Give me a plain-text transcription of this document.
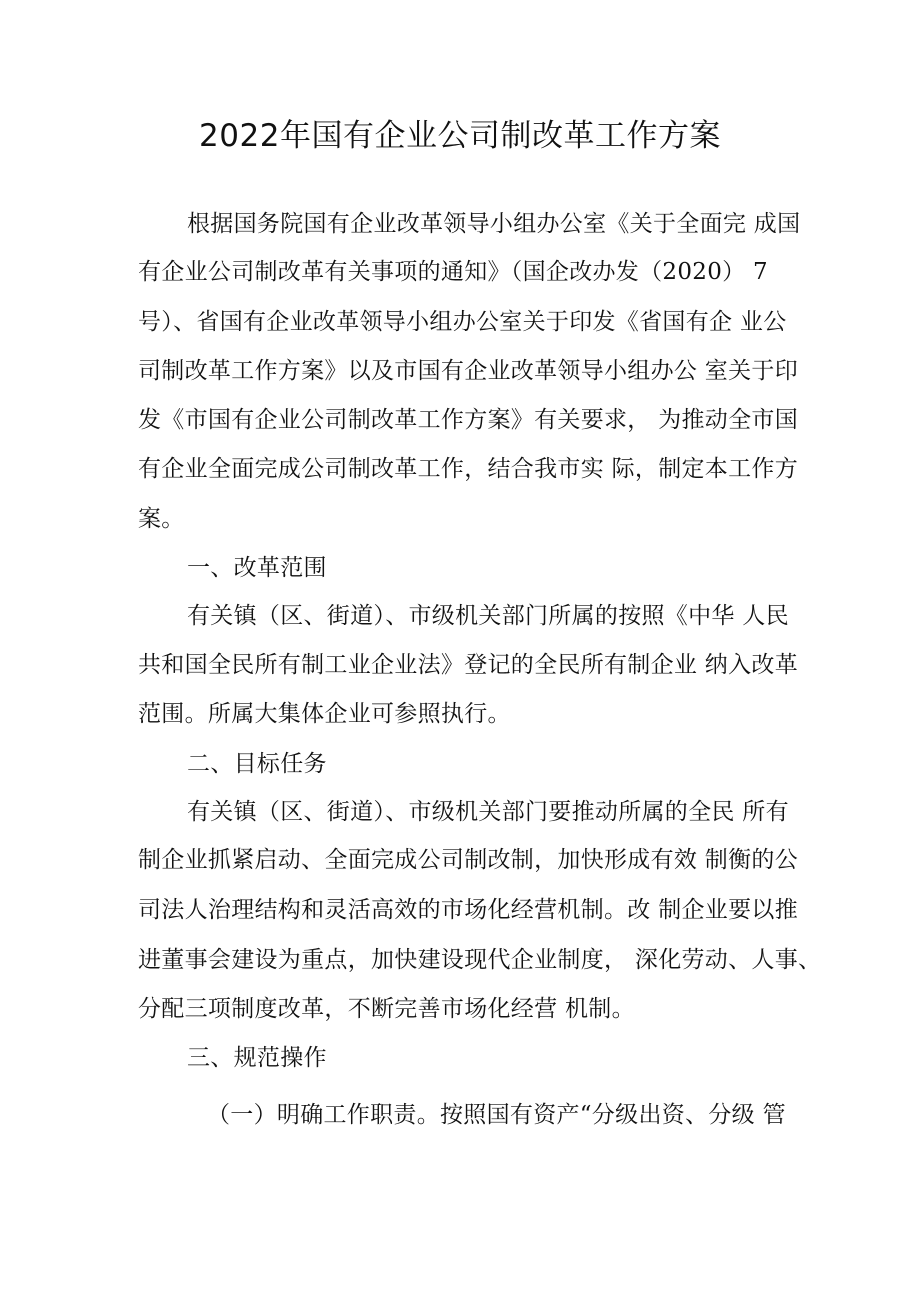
2022年国有企业公司制改革工作方案
根据国务院国有企业改革领导小组办公室《关于全面完 成国
有企业公司制改革有关事项的通知》（国企改办发（2020） 7
号）、省国有企业改革领导小组办公室关于印发《省国有企 业公
司制改革工作方案》以及市国有企业改革领导小组办公 室关于印
发《市国有企业公司制改革工作方案》有关要求， 为推动全市国
有企业全面完成公司制改革工作，结合我市实 际，制定本工作方
案。
一、改革范围
有关镇（区、街道）、市级机关部门所属的按照《中华 人民
共和国全民所有制工业企业法》登记的全民所有制企业 纳入改革
范围。所属大集体企业可参照执行。
二、目标任务
有关镇（区、街道）、市级机关部门要推动所属的全民 所有
制企业抓紧启动、全面完成公司制改制，加快形成有效 制衡的公
司法人治理结构和灵活高效的市场化经营机制。改 制企业要以推
进董事会建设为重点，加快建设现代企业制度， 深化劳动、人事、
分配三项制度改革，不断完善市场化经营 机制。
三、规范操作
（一）明确工作职责。按照国有资产“分级出资、分级 管
